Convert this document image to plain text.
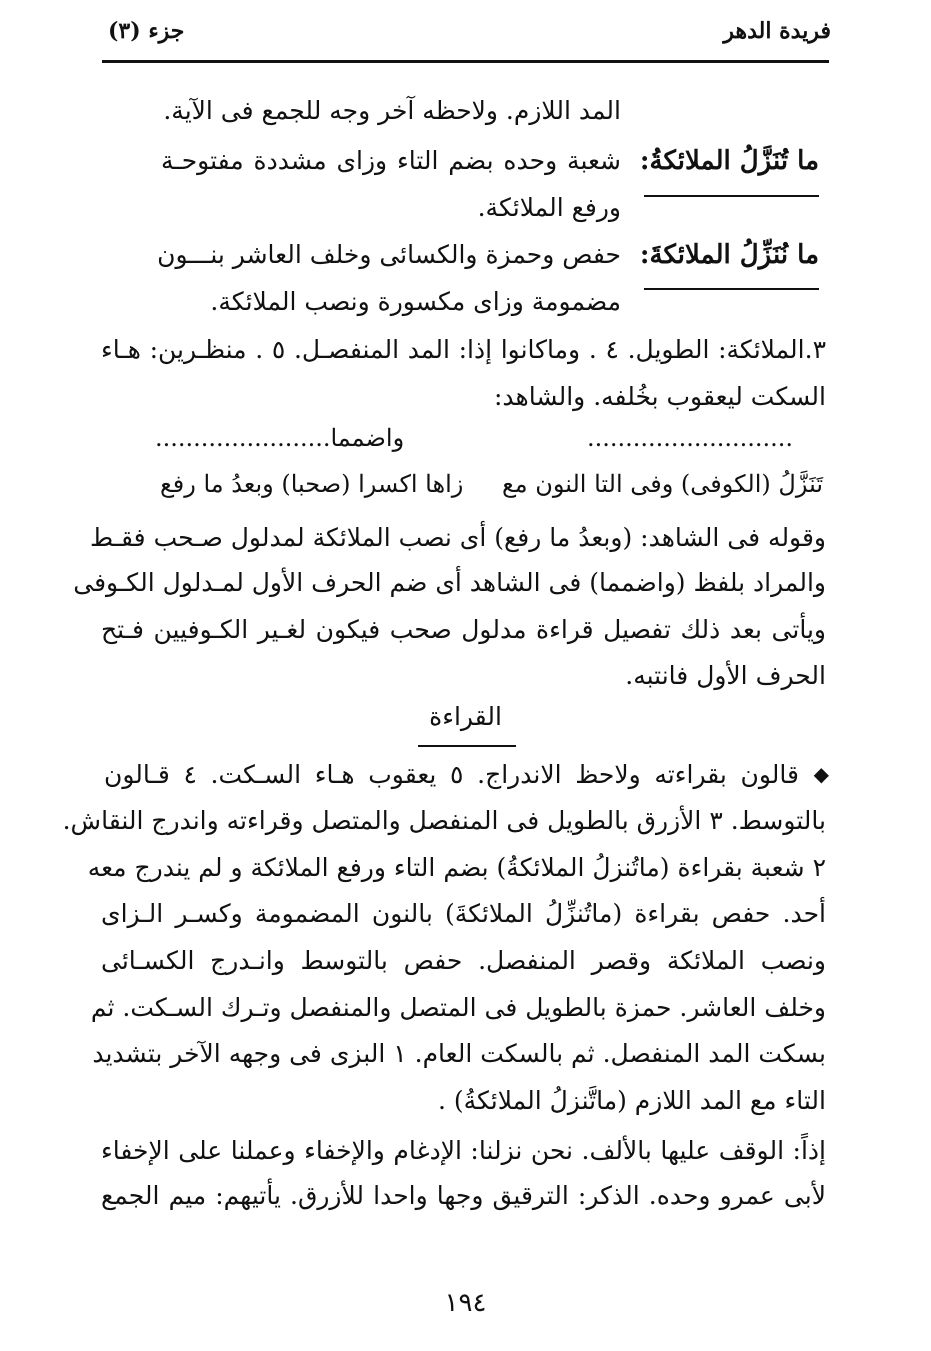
فريدة الدهر
جزء (٣)
المد اللازم. ولاحظه آخر وجه للجمع فى الآية.
ما تُنَزَّلُ الملائكةُ:
شعبة وحده بضم التاء وزاى مشددة مفتوحـة
ورفع الملائكة.
ما نُنَزِّلُ الملائكةَ:
حفص وحمزة والكسائى وخلف العاشر بنـــون
مضمومة وزاى مكسورة ونصب الملائكة.
٣.الملائكة: الطويل. ٤ . وماكانوا إذا: المد المنفصـل. ٥ . منظـرين: هـاء
السكت ليعقوب بخُلفه. والشاهد:
...........................
واضمما.......................
تَنَزَّلُ (الكوفى) وفى التا النون مع
زاها اكسرا (صحبا) وبعدُ ما رفع
وقوله فى الشاهد: (وبعدُ ما رفع) أى نصب الملائكة لمدلول صـحب فقـط
والمراد بلفظ (واضمما) فى الشاهد أى ضم الحرف الأول لمـدلول الكـوفى
ويأتى بعد ذلك تفصيل قراءة مدلول صحب فيكون لغـير الكـوفيين فـتح
الحرف الأول فانتبه.
القراءة
◆
قالون بقراءته ولاحظ الاندراج. ٥ يعقوب هـاء السـكت. ٤ قـالون
بالتوسط. ٣ الأزرق بالطويل فى المنفصل والمتصل وقراءته واندرج النقاش.
٢ شعبة بقراءة (ماتُنزلُ الملائكةُ) بضم التاء ورفع الملائكة و لم يندرج معه
أحد. حفص بقراءة (ماتُنزِّلُ الملائكةَ) بالنون المضمومة وكسـر الـزاى
ونصب الملائكة وقصر المنفصل. حفص بالتوسط وانـدرج الكسـائى
وخلف العاشر. حمزة بالطويل فى المتصل والمنفصل وتـرك السـكت. ثم
بسكت المد المنفصل. ثم بالسكت العام. ١ البزى فى وجهه الآخر بتشديد
التاء مع المد اللازم (ماتَّنزلُ الملائكةُ) .
إذاً: الوقف عليها بالألف. نحن نزلنا: الإدغام والإخفاء وعملنا على الإخفاء
لأبى عمرو وحده. الذكر: الترقيق وجها واحدا للأزرق. يأتيهم: ميم الجمع
١٩٤
